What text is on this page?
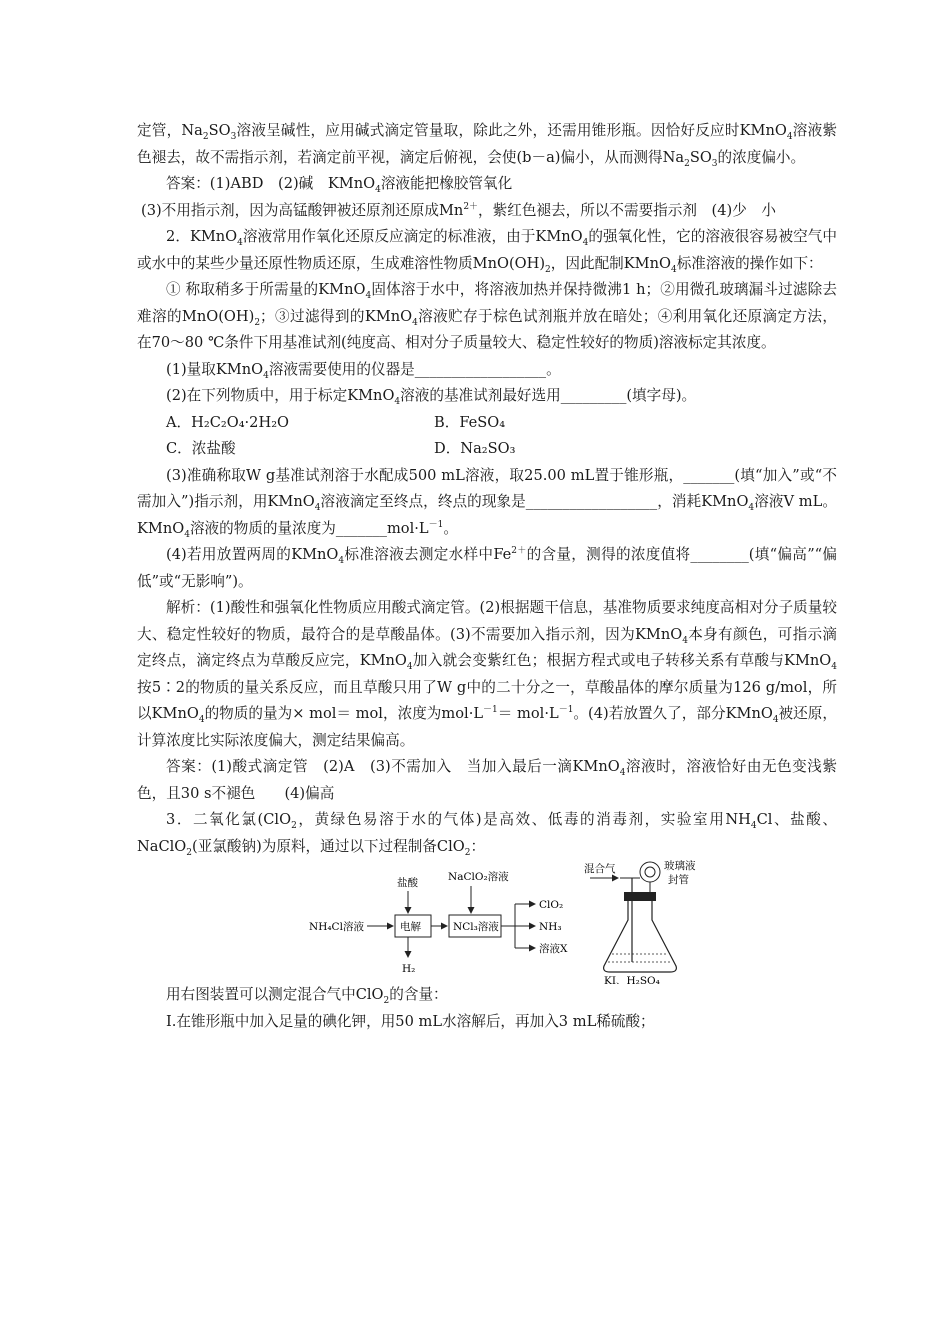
定管，$Na_2SO_3$溶液呈碱性，应用碱式滴定管量取，除此之外，还需用锥形瓶。因恰好反应时KMnO$_4$溶液紫色褪去，故不需指示剂，若滴定前平视，滴定后俯视，会使(b－a)偏小，从而测得$Na_2SO_3$的浓度偏小。

答案：(1)ABD　(2)碱　KMnO$_4$溶液能把橡胶管氧化

(3)不用指示剂，因为高锰酸钾被还原剂还原成$Mn^{2+}$，紫红色褪去，所以不需要指示剂　(4)少　小

2．KMnO$_4$溶液常用作氧化还原反应滴定的标准液，由于KMnO$_4$的强氧化性，它的溶液很容易被空气中或水中的某些少量还原性物质还原，生成难溶性物质$MnO(OH)_2$，因此配制KMnO$_4$标准溶液的操作如下：

① 称取稍多于所需量的KMnO$_4$固体溶于水中，将溶液加热并保持微沸1 h；②用微孔玻璃漏斗过滤除去难溶的$MnO(OH)_2$；③过滤得到的KMnO$_4$溶液贮存于棕色试剂瓶并放在暗处；④利用氧化还原滴定方法，在70～80 ℃条件下用基准试剂(纯度高、相对分子质量较大、稳定性较好的物质)溶液标定其浓度。

(1)量取KMnO$_4$溶液需要使用的仪器是__________________。

(2)在下列物质中，用于标定KMnO$_4$溶液的基准试剂最好选用_________(填字母)。

A．H₂C₂O₄·2H₂O	B．FeSO₄
C．浓盐酸	D．Na₂SO₃

(3)准确称取W g基准试剂溶于水配成500 mL溶液，取25.00 mL置于锥形瓶，_______(填“加入”或“不需加入”)指示剂，用KMnO$_4$溶液滴定至终点，终点的现象是__________________，消耗KMnO$_4$溶液V mL。KMnO$_4$溶液的物质的量浓度为$\_\_\_\_\_\_\_mol\cdot L^{-1}$。

(4)若用放置两周的KMnO$_4$标准溶液去测定水样中$Fe^{2+}$的含量，测得的浓度值将________(填“偏高”“偏低”或“无影响”)。

解析：(1)酸性和强氧化性物质应用酸式滴定管。(2)根据题干信息，基准物质要求纯度高相对分子质量较大、稳定性较好的物质，最符合的是草酸晶体。(3)不需要加入指示剂，因为KMnO$_4$本身有颜色，可指示滴定终点，滴定终点为草酸反应完，KMnO$_4$加入就会变紫红色；根据方程式或电子转移关系有草酸与KMnO$_4$按5∶2的物质的量关系反应，而且草酸只用了W g中的二十分之一，草酸晶体的摩尔质量为126 g/mol，所以KMnO$_4$的物质的量为× mol＝ mol，浓度为$mol\cdot L^{-1}= mol\cdot L^{-1}$。(4)若放置久了，部分KMnO$_4$被还原，计算浓度比实际浓度偏大，测定结果偏高。

答案：(1)酸式滴定管　(2)A　(3)不需加入　当加入最后一滴KMnO$_4$溶液时，溶液恰好由无色变浅紫色，且30 s不褪色　　(4)偏高

3．二氧化氯(ClO$_2$，黄绿色易溶于水的气体)是高效、低毒的消毒剂，实验室用$NH_4Cl$、盐酸、NaClO$_2$(亚氯酸钠)为原料，通过以下过程制备ClO$_2$：

NH₄Cl溶液
盐酸
电解
H₂
NaClO₂溶液
NCl₃溶液
ClO₂
NH₃
溶液X
混合气	玻璃液
封管
KI、H₂SO₄

用右图装置可以测定混合气中ClO$_2$的含量：

Ⅰ.在锥形瓶中加入足量的碘化钾，用50 mL水溶解后，再加入3 mL稀硫酸；
